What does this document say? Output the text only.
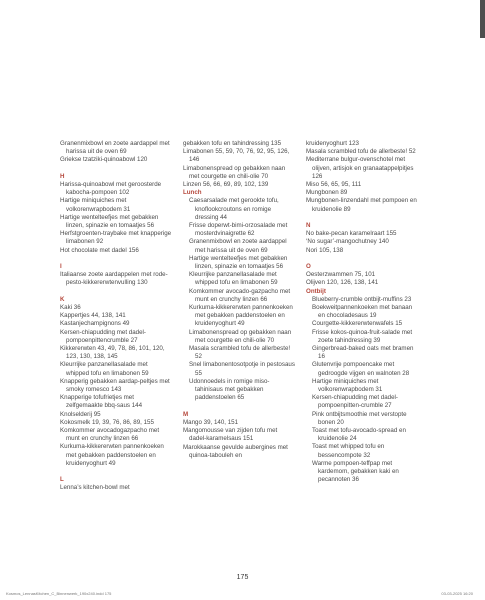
Granenmixbowl en zoete aardappel met harissa uit de oven 69
Griekse tzatziki-quinoabowl 120
H
Harissa-quinoabowl met geroosterde kabocha-pompoen 102
Hartige miniquiches met volkorenwrapbodem 31
Hartige wentelteefjes met gebakken linzen, spinazie en tomaatjes 56
Herfstgroenten-traybake met knapperige limabonen 92
Hot chocolate met dadel 156
I
Italiaanse zoete aardappelen met rode-pesto-kikkererwtenvulling 130
K
Kaki 36
Kappertjes 44, 138, 141
Kastanjechampignons 49
Kersen-chiapudding met dadel-pompoenpittencrumble 27
Kikkererwten 43, 49, 78, 86, 101, 120, 123, 130, 138, 145
Kleurrijke panzanellasalade met whipped tofu en limabonen 59
Knapperig gebakken aardap-peltjes met smoky romesco 143
Knapperige tofufrietjes met zelfgemaakte bbq-saus 144
Knolselderij 95
Kokosmelk 19, 39, 76, 86, 89, 155
Komkommer avocadogazpacho met munt en crunchy linzen 66
Kurkuma-kikkererwten pannenkoeken met gebakken paddenstoelen en kruidenyoghurt 49
L
Lenna’s kitchen-bowl met
gebakken tofu en tahindressing 135
Limabonen 55, 59, 70, 76, 92, 95, 126, 146
Limabonenspread op gebakken naan met courgette en chili-olie 70
Linzen 56, 66, 69, 89, 102, 139
Lunch
Caesarsalade met gerookte tofu, knoflookcroutons en romige dressing 44
Frisse doperwt-bimi-orzosalade met mosterdvinaigrette 62
Granenmixbowl en zoete aardappel met harissa uit de oven 69
Hartige wentelteefjes met gebakken linzen, spinazie en tomaatjes 56
Kleurrijke panzanellasalade met whipped tofu en limabonen 59
Komkommer avocado-gazpacho met munt en crunchy linzen 66
Kurkuma-kikkererwten pannenkoeken met gebakken paddenstoelen en kruidenyoghurt 49
Limabonenspread op gebakken naan met courgette en chili-olie 70
Masala scrambled tofu de allerbeste! 52
Snel limabonentosotpotje in pestosaus 55
Udonnoedels in romige miso-tahinisaus met gebakken paddenstoelen 65
M
Mango 39, 140, 151
Mangomousse van zijden tofu met dadel-karamelsaus 151
Marokkaanse gevulde aubergines met quinoa-tabouleh en
kruidenyoghurt 123
Masala scrambled tofu de allerbeste! 52
Mediterrane bulgur-ovenschotel met olijven, artisjok en granaatappelpitjes 126
Miso 56, 65, 95, 111
Mungbonen 89
Mungbonen-linzendahl met pompoen en kruidenolie 89
N
No bake-pecan karamelraart 155
‘No sugar’-mangochutney 140
Nori 105, 138
O
Oesterzwammen 75, 101
Olijven 120, 126, 138, 141
Ontbijt
Blueberry-crumble ontbijt-muffins 23
Boekweitpannenkoeken met banaan en chocoladesaus 19
Courgette-kikkererwtenwafels 15
Frisse kokos-quinoa-fruit-salade met zoete tahindressing 39
Gingerbread-baked oats met bramen 16
Glutenvrije pompoencake met gedroogde vijgen en walnoten 28
Hartige miniquiches met volkorenwrapbodem 31
Kersen-chiapudding met dadel-pompoenpitten-crumble 27
Pink ontbijtsmoothie met verstopte bonen 20
Toast met tofu-avocado-spread en kruidenolie 24
Toast met whipped tofu en bessencompote 32
Warme pompoen-teffpap met kardemom, gebakken kaki en pecannoten 36
175
Kosmos_LennasKitchen_C_Binnenwerk_190x240.indd 175	03-03-2025 16:20
